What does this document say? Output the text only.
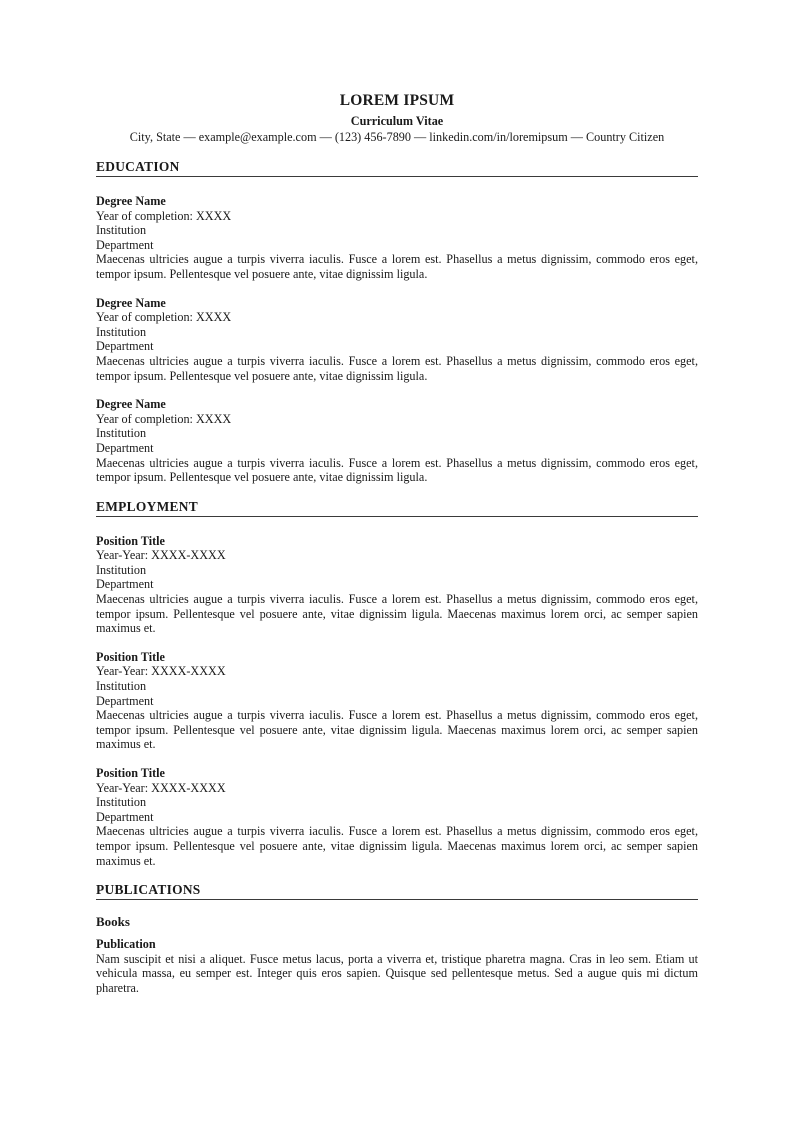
LOREM IPSUM
Curriculum Vitae
City, State — example@example.com — (123) 456-7890 — linkedin.com/in/loremipsum — Country Citizen
EDUCATION
Degree Name
Year of completion: XXXX
Institution
Department
Maecenas ultricies augue a turpis viverra iaculis. Fusce a lorem est. Phasellus a metus dignissim, commodo eros eget, tempor ipsum. Pellentesque vel posuere ante, vitae dignissim ligula.
Degree Name
Year of completion: XXXX
Institution
Department
Maecenas ultricies augue a turpis viverra iaculis. Fusce a lorem est. Phasellus a metus dignissim, commodo eros eget, tempor ipsum. Pellentesque vel posuere ante, vitae dignissim ligula.
Degree Name
Year of completion: XXXX
Institution
Department
Maecenas ultricies augue a turpis viverra iaculis. Fusce a lorem est. Phasellus a metus dignissim, commodo eros eget, tempor ipsum. Pellentesque vel posuere ante, vitae dignissim ligula.
EMPLOYMENT
Position Title
Year-Year: XXXX-XXXX
Institution
Department
Maecenas ultricies augue a turpis viverra iaculis. Fusce a lorem est. Phasellus a metus dignissim, commodo eros eget, tempor ipsum. Pellentesque vel posuere ante, vitae dignissim ligula. Maecenas maximus lorem orci, ac semper sapien maximus et.
Position Title
Year-Year: XXXX-XXXX
Institution
Department
Maecenas ultricies augue a turpis viverra iaculis. Fusce a lorem est. Phasellus a metus dignissim, commodo eros eget, tempor ipsum. Pellentesque vel posuere ante, vitae dignissim ligula. Maecenas maximus lorem orci, ac semper sapien maximus et.
Position Title
Year-Year: XXXX-XXXX
Institution
Department
Maecenas ultricies augue a turpis viverra iaculis. Fusce a lorem est. Phasellus a metus dignissim, commodo eros eget, tempor ipsum. Pellentesque vel posuere ante, vitae dignissim ligula. Maecenas maximus lorem orci, ac semper sapien maximus et.
PUBLICATIONS
Books
Publication
Nam suscipit et nisi a aliquet. Fusce metus lacus, porta a viverra et, tristique pharetra magna. Cras in leo sem. Etiam ut vehicula massa, eu semper est. Integer quis eros sapien. Quisque sed pellentesque metus. Sed a augue quis mi dictum pharetra.
